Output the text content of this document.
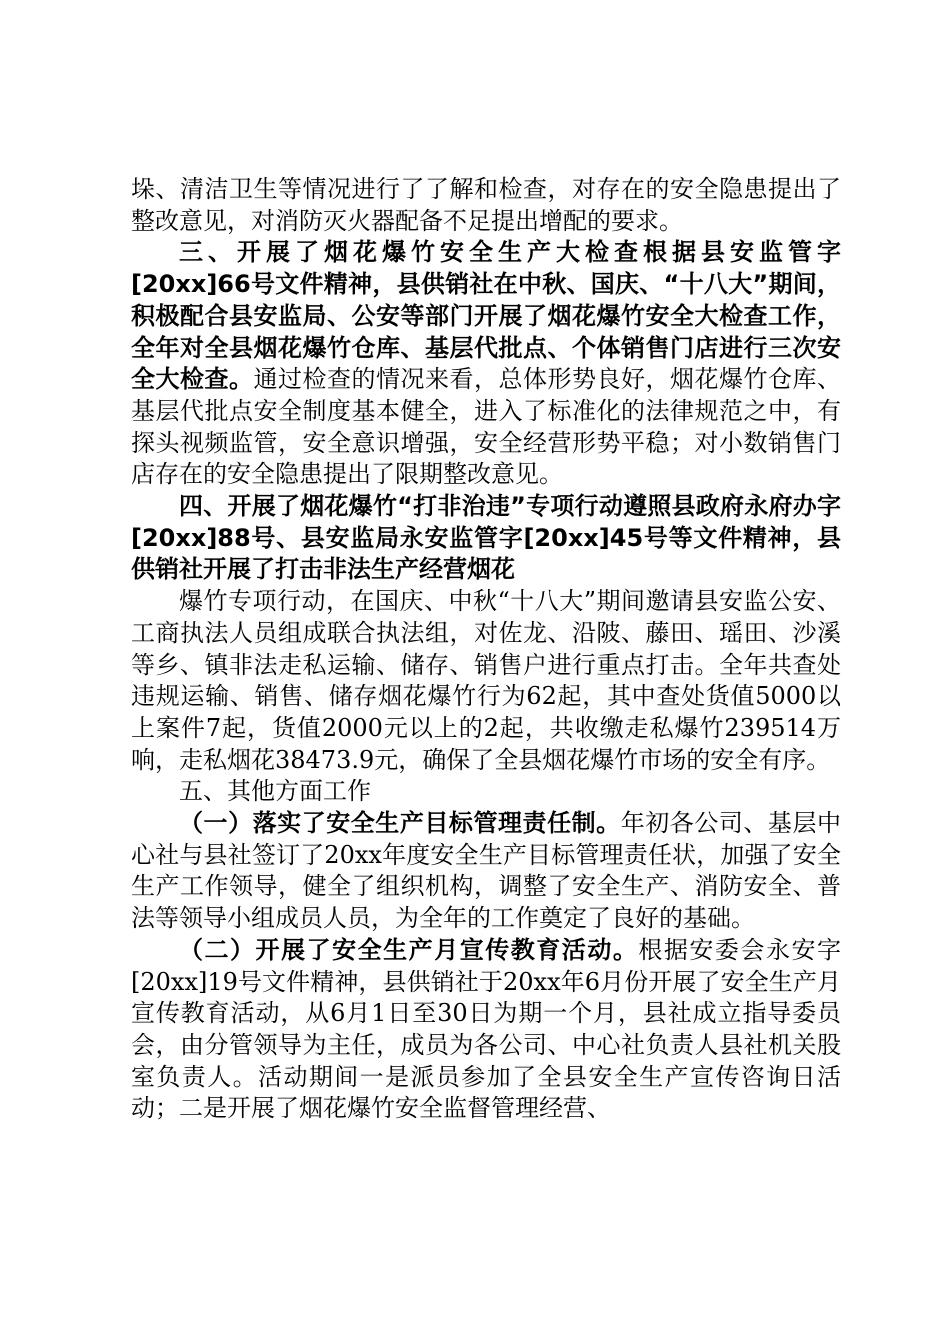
垛、清洁卫生等情况进行了了解和检查，对存在的安全隐患提出了整改意见，对消防灭火器配备不足提出增配的要求。

三、开展了烟花爆竹安全生产大检查根据县安监管字[20xx]66号文件精神，县供销社在中秋、国庆、“十八大”期间，积极配合县安监局、公安等部门开展了烟花爆竹安全大检查工作，全年对全县烟花爆竹仓库、基层代批点、个体销售门店进行三次安全大检查。通过检查的情况来看，总体形势良好，烟花爆竹仓库、基层代批点安全制度基本健全，进入了标准化的法律规范之中，有探头视频监管，安全意识增强，安全经营形势平稳；对小数销售门店存在的安全隐患提出了限期整改意见。

四、开展了烟花爆竹“打非治违”专项行动遵照县政府永府办字[20xx]88号、县安监局永安监管字[20xx]45号等文件精神，县供销社开展了打击非法生产经营烟花

爆竹专项行动，在国庆、中秋“十八大”期间邀请县安监公安、工商执法人员组成联合执法组，对佐龙、沿陂、藤田、瑶田、沙溪等乡、镇非法走私运输、储存、销售户进行重点打击。全年共查处违规运输、销售、储存烟花爆竹行为62起，其中查处货值5000以上案件7起，货值2000元以上的2起，共收缴走私爆竹239514万响，走私烟花38473.9元，确保了全县烟花爆竹市场的安全有序。

五、其他方面工作

（一）落实了安全生产目标管理责任制。年初各公司、基层中心社与县社签订了20xx年度安全生产目标管理责任状，加强了安全生产工作领导，健全了组织机构，调整了安全生产、消防安全、普法等领导小组成员人员，为全年的工作奠定了良好的基础。

（二）开展了安全生产月宣传教育活动。根据安委会永安字[20xx]19号文件精神，县供销社于20xx年6月份开展了安全生产月宣传教育活动，从6月1日至30日为期一个月，县社成立指导委员会，由分管领导为主任，成员为各公司、中心社负责人县社机关股室负责人。活动期间一是派员参加了全县安全生产宣传咨询日活动；二是开展了烟花爆竹安全监督管理经营、
